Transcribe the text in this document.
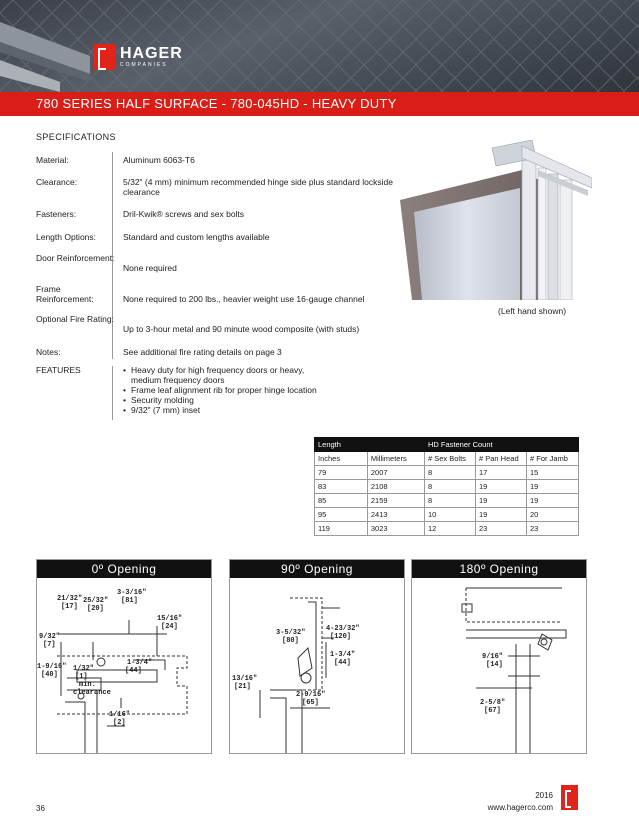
HAGER
COMPANIES
780 SERIES HALF SURFACE - 780-045HD - HEAVY DUTY
SPECIFICATIONS
Material:	Aluminum 6063-T6
Clearance:	5/32" (4 mm) minimum recommended hinge side plus standard lockside clearance
Fasteners:	Dril-Kwik® screws and sex bolts
Length Options:	Standard and custom lengths available
Door Reinforcement:
None required
Frame Reinforcement:	None required to 200 lbs., heavier weight use 16-gauge channel
Optional Fire Rating:
Up to 3-hour metal and 90 minute wood composite (with studs)
Notes:	See additional fire rating details on page 3
FEATURES	• Heavy duty for high frequency doors or heavy, medium frequency doors
• Frame leaf alignment rib for proper hinge location
• Security molding
• 9/32" (7 mm) inset
(Left hand shown)
Length		HD Fastener Count		
Inches	Millimeters	# Sex Bolts	# Pan Head	# For Jamb
79	2007	8	17	15
83	2108	8	19	19
85	2159	8	19	19
95	2413	10	19	20
119	3023	12	23	23
0º Opening
21/32"
[17]
25/32"
[20]
3-3/16"
[81]
15/16"
[24]
9/32"
[7]
1-3/4"
[44]
1-9/16"
[40]
1/32"
[1]
min.
clearance
1/16"
[2]
90º Opening
4-23/32"
[120]
3-5/32"
[80]
1-3/4"
[44]
13/16"
[21]
2-9/16"
[65]
180º Opening
9/16"
[14]
2-5/8"
[67]
36
2016
www.hagerco.com
